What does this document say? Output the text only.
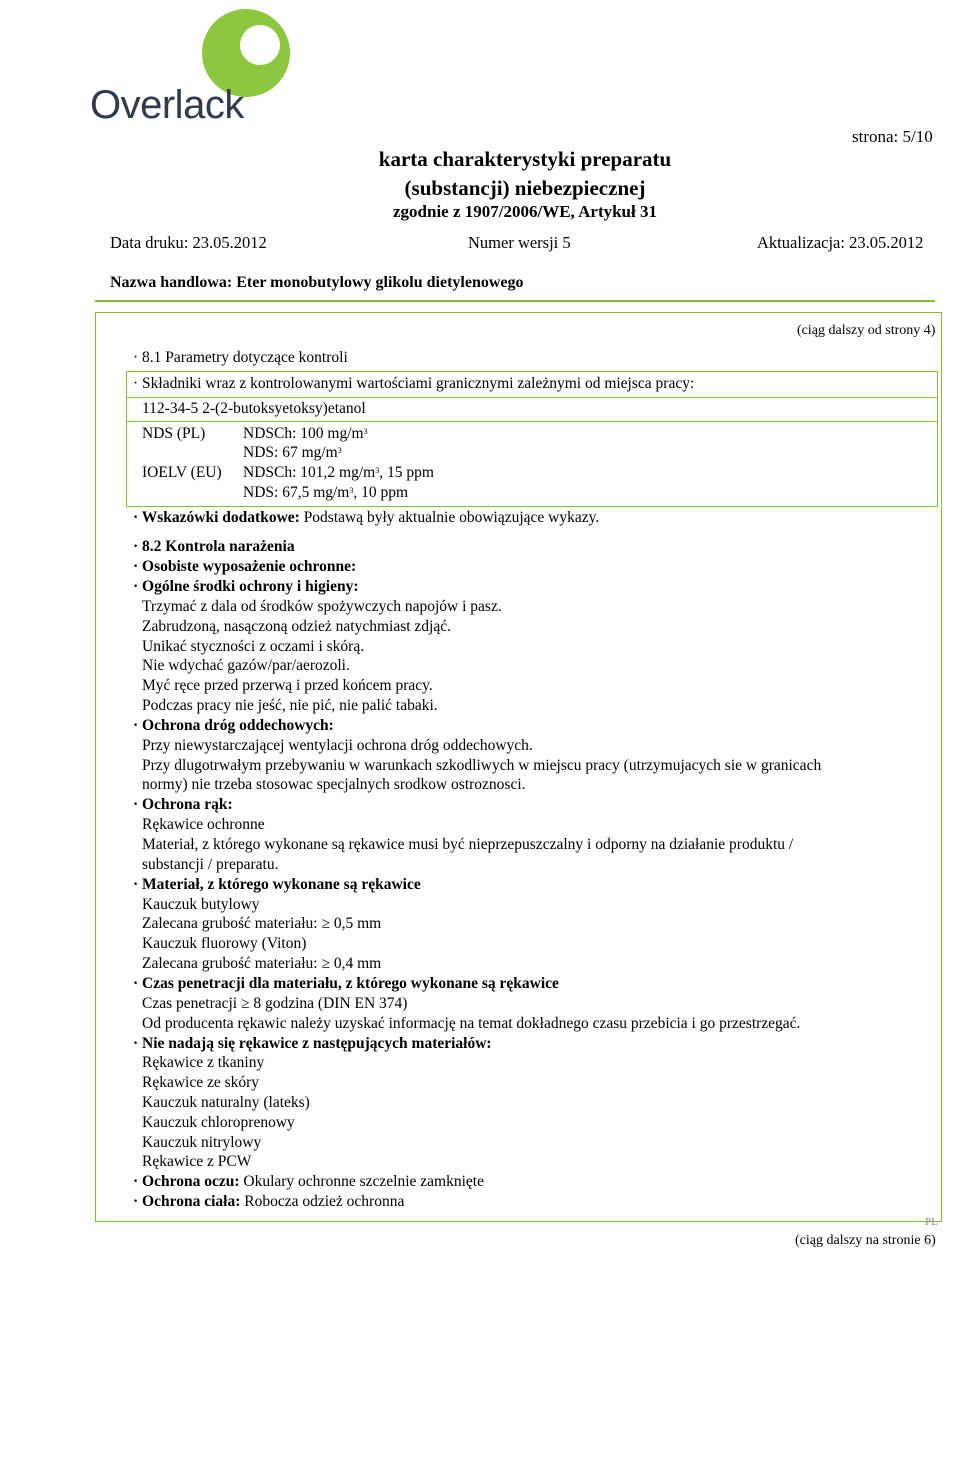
Overlack
strona: 5/10
karta charakterystyki preparatu
(substancji) niebezpiecznej
zgodnie z 1907/2006/WE, Artykuł 31
Data druku: 23.05.2012	Numer wersji 5	Aktualizacja: 23.05.2012
Nazwa handlowa: Eter monobutylowy glikolu dietylenowego
(ciąg dalszy od strony 4)
· 8.1 Parametry dotyczące kontroli
· Składniki wraz z kontrolowanymi wartościami granicznymi zależnymi od miejsca pracy:
112-34-5 2-(2-butoksyetoksy)etanol
NDS (PL) NDSCh: 100 $mg/m^3$
NDS: 67 $mg/m^3$
IOELV (EU) NDSCh: 101,2 $mg/m^3$, 15 ppm
NDS: 67,5 $mg/m^3$, 10 ppm
· Wskazówki dodatkowe: Podstawą były aktualnie obowiązujące wykazy.
· 8.2 Kontrola narażenia
· Osobiste wyposażenie ochronne:
· Ogólne środki ochrony i higieny:
Trzymać z dala od środków spożywczych napojów i pasz.
Zabrudzoną, nasączoną odzież natychmiast zdjąć.
Unikać styczności z oczami i skórą.
Nie wdychać gazów/par/aerozoli.
Myć ręce przed przerwą i przed końcem pracy.
Podczas pracy nie jeść, nie pić, nie palić tabaki.
· Ochrona dróg oddechowych:
Przy niewystarczającej wentylacji ochrona dróg oddechowych.
Przy dlugotrwałym przebywaniu w warunkach szkodliwych w miejscu pracy (utrzymujacych sie w granicach
normy) nie trzeba stosowac specjalnych srodkow ostroznosci.
· Ochrona rąk:
Rękawice ochronne
Materiał, z którego wykonane są rękawice musi być nieprzepuszczalny i odporny na działanie produktu /
substancji / preparatu.
· Materiał, z którego wykonane są rękawice
Kauczuk butylowy
Zalecana grubość materiału: ≥ 0,5 mm
Kauczuk fluorowy (Viton)
Zalecana grubość materiału: ≥ 0,4 mm
· Czas penetracji dla materiału, z którego wykonane są rękawice
Czas penetracji ≥ 8 godzina (DIN EN 374)
Od producenta rękawic należy uzyskać informację na temat dokładnego czasu przebicia i go przestrzegać.
· Nie nadają się rękawice z następujących materiałów:
Rękawice z tkaniny
Rękawice ze skóry
Kauczuk naturalny (lateks)
Kauczuk chloroprenowy
Kauczuk nitrylowy
Rękawice z PCW
· Ochrona oczu: Okulary ochronne szczelnie zamknięte
· Ochrona ciała: Robocza odzież ochronna
PL
(ciąg dalszy na stronie 6)
